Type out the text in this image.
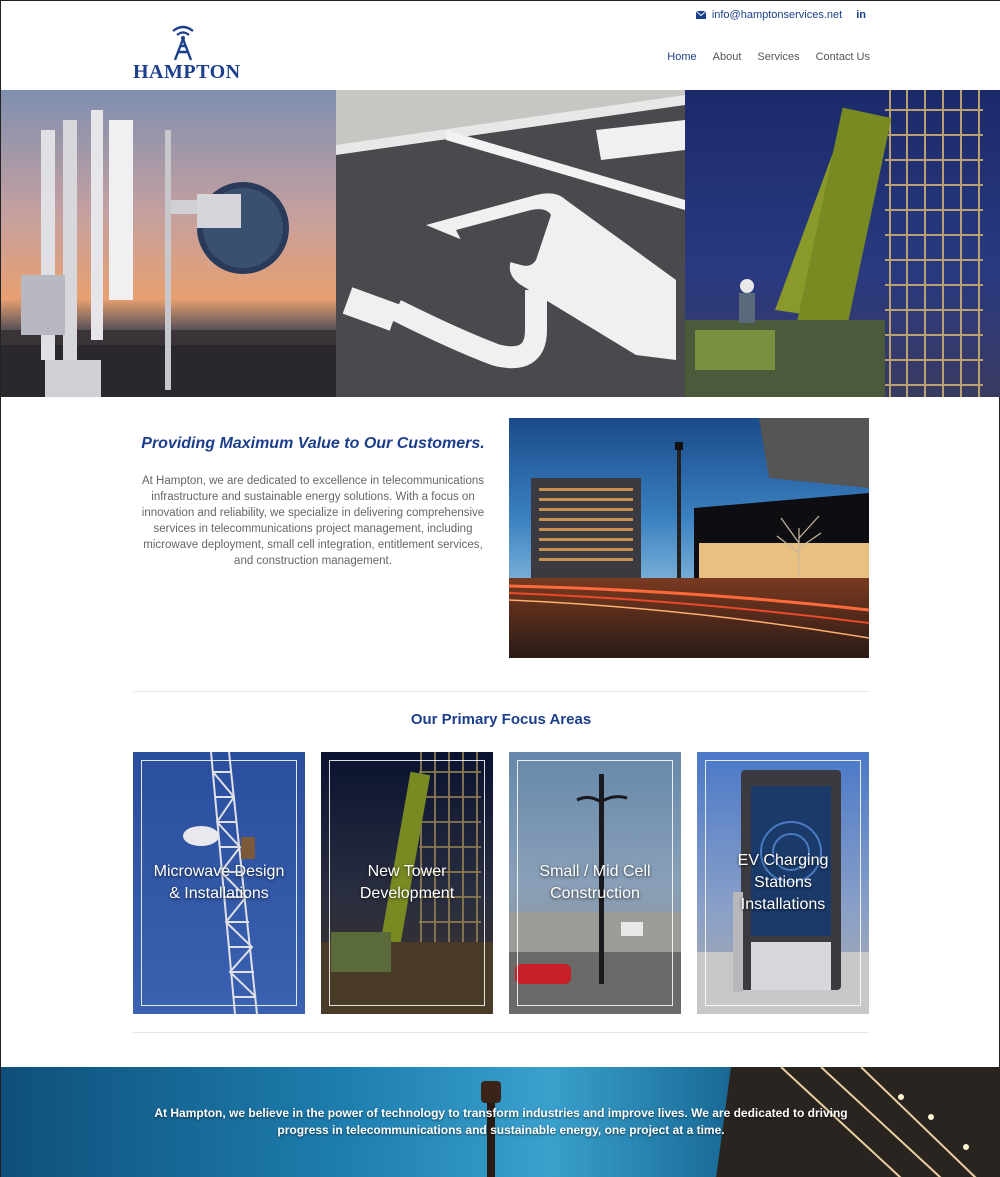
HAMPTON
info@hamptonservices.net in
Home About Services Contact Us
Providing Maximum Value to Our Customers.

At Hampton, we are dedicated to excellence in telecommunications infrastructure and sustainable energy solutions. With a focus on innovation and reliability, we specialize in delivering comprehensive services in telecommunications project management, including microwave deployment, small cell integration, entitlement services, and construction management.

Our Primary Focus Areas
Microwave Design & Installations
New Tower Development
Small / Mid Cell Construction
EV Charging Stations Installations

At Hampton, we believe in the power of technology to transform industries and improve lives. We are dedicated to driving progress in telecommunications and sustainable energy, one project at a time.
